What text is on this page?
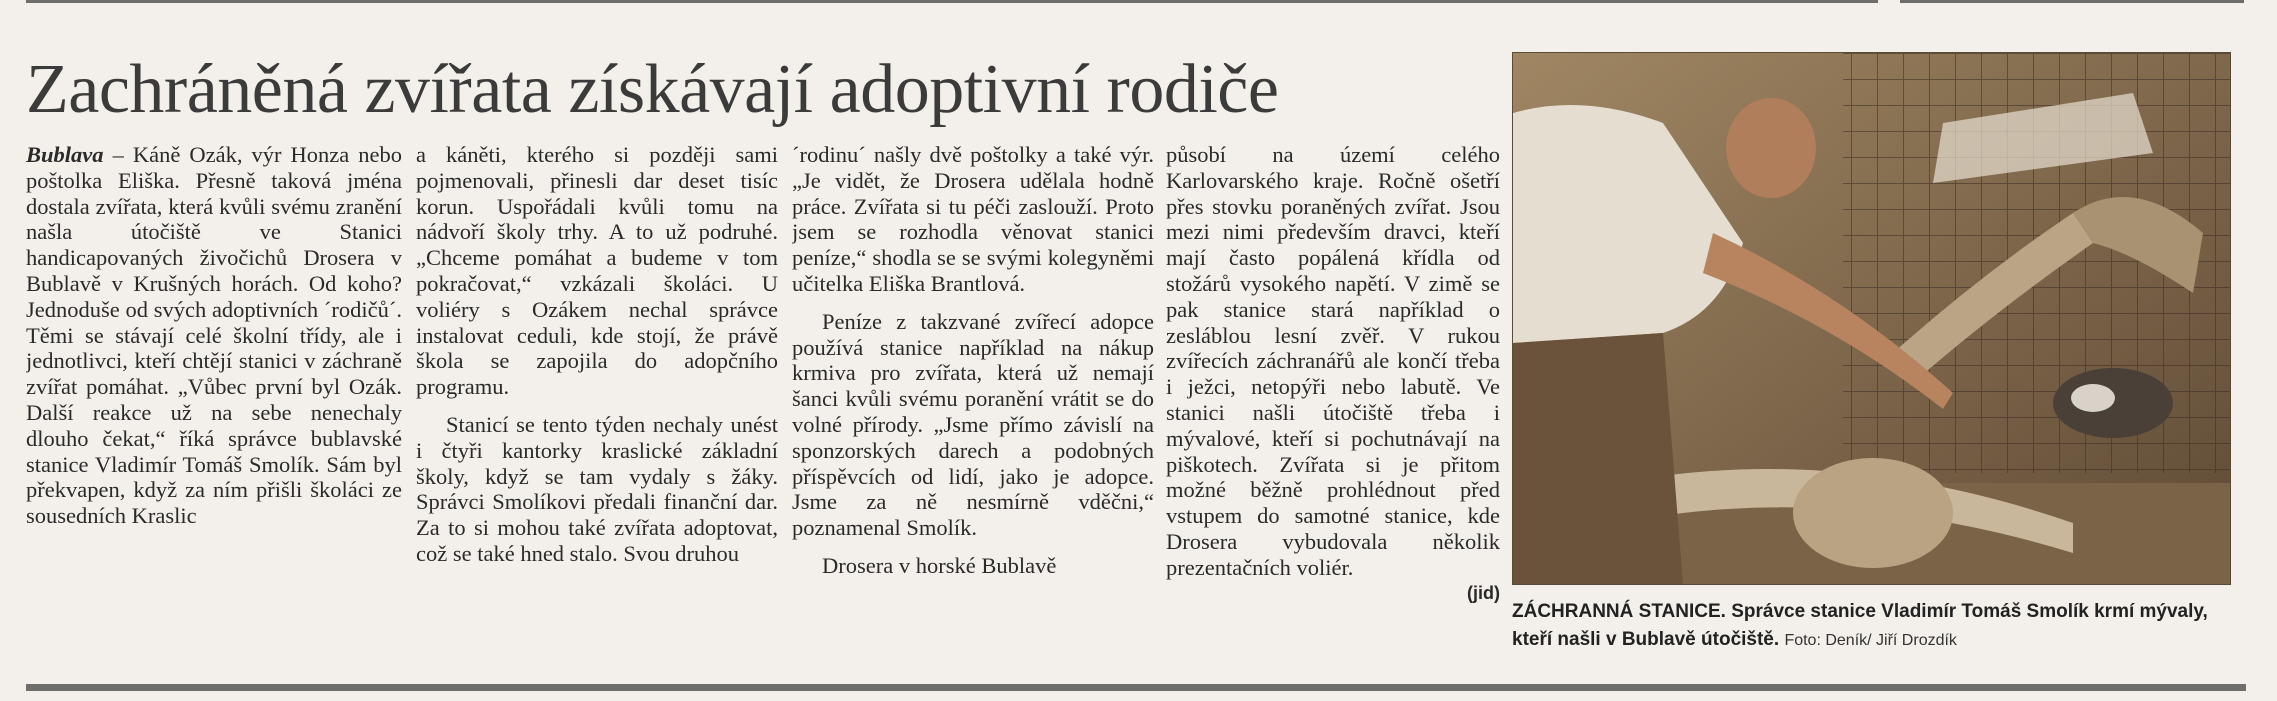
Zachráněná zvířata získávají adoptivní rodiče

Bublava – Káně Ozák, výr Honza nebo poštolka Eliška. Přesně taková jména dostala zvířata, která kvůli svému zranění našla útočiště ve Stanici handicapovaných živočichů Drosera v Bublavě v Krušných horách. Od koho? Jednoduše od svých adoptivních ´rodičů´. Těmi se stávají celé školní třídy, ale i jednotlivci, kteří chtějí stanici v záchraně zvířat pomáhat. „Vůbec první byl Ozák. Další reakce už na sebe nenechaly dlouho čekat,“ říká správce bublavské stanice Vladimír Tomáš Smolík. Sám byl překvapen, když za ním přišli školáci ze sousedních Kraslic

a káněti, kterého si později sami pojmenovali, přinesli dar deset tisíc korun. Uspořádali kvůli tomu na nádvoří školy trhy. A to už podruhé. „Chceme pomáhat a budeme v tom pokračovat,“ vzkázali školáci. U voliéry s Ozákem nechal správce instalovat ceduli, kde stojí, že právě škola se zapojila do adopčního programu.

Stanicí se tento týden nechaly unést i čtyři kantorky kraslické základní školy, když se tam vydaly s žáky. Správci Smolíkovi předali finanční dar. Za to si mohou také zvířata adoptovat, což se také hned stalo. Svou druhou

´rodinu´ našly dvě poštolky a také výr. „Je vidět, že Drosera udělala hodně práce. Zvířata si tu péči zaslouží. Proto jsem se rozhodla věnovat stanici peníze,“ shodla se se svými kolegyněmi učitelka Eliška Brantlová.

Peníze z takzvané zvířecí adopce používá stanice například na nákup krmiva pro zvířata, která už nemají šanci kvůli svému poranění vrátit se do volné přírody. „Jsme přímo závislí na sponzorských darech a podobných příspěvcích od lidí, jako je adopce. Jsme za ně nesmírně vděčni,“ poznamenal Smolík.

Drosera v horské Bublavě

působí na území celého Karlovarského kraje. Ročně ošetří přes stovku poraněných zvířat. Jsou mezi nimi především dravci, kteří mají často popálená křídla od stožárů vysokého napětí. V zimě se pak stanice stará například o zesláblou lesní zvěř. V rukou zvířecích záchranářů ale končí třeba i ježci, netopýři nebo labutě. Ve stanici našli útočiště třeba i mývalové, kteří si pochutnávají na piškotech. Zvířata si je přitom možné běžně prohlédnout před vstupem do samotné stanice, kde Drosera vybudovala několik prezentačních voliér.

(jid)
ZÁCHRANNÁ STANICE. Správce stanice Vladimír Tomáš Smolík krmí mývaly, kteří našli v Bublavě útočiště. Foto: Deník/ Jiří Drozdík
